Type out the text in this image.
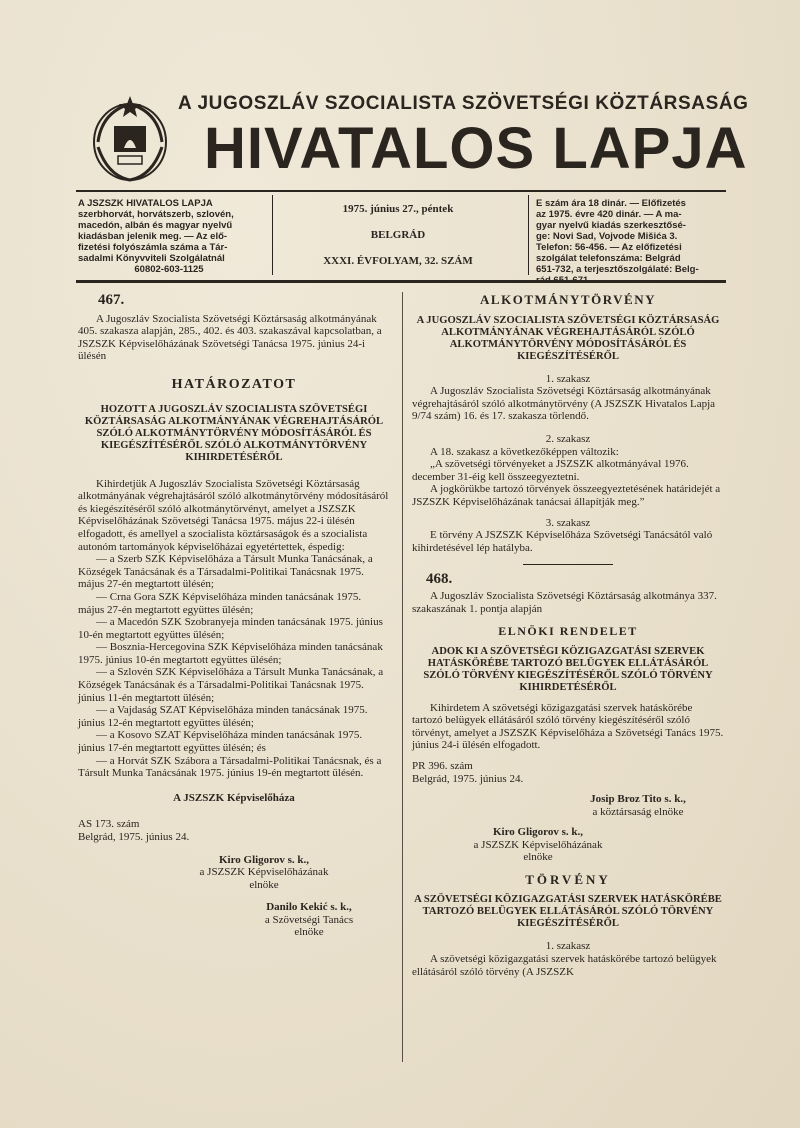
A JUGOSZLÁV SZOCIALISTA SZÖVETSÉGI KÖZTÁRSASÁG
HIVATALOS LAPJA
A JSZSZK HIVATALOS LAPJA
szerbhorvát, horvátszerb, szlovén,
macedón, albán és magyar nyelvű
kiadásban jelenik meg. — Az elő-
fizetési folyószámla száma a Tár-
sadalmi Könyvviteli Szolgálatnál
60802-603-1125
1975. június 27., péntek
BELGRÁD
XXXI. ÉVFOLYAM, 32. SZÁM
E szám ára 18 dinár. — Előfizetés
az 1975. évre 420 dinár. — A ma-
gyar nyelvű kiadás szerkesztősé-
ge: Novi Sad, Vojvode Mišića 3.
Telefon: 56-456. — Az előfizetési
szolgálat telefonszáma: Belgrád
651-732, a terjesztőszolgálaté: Belg-
467.

A Jugoszláv Szocialista Szövetségi Köztársaság alkotmányának 405. szakasza alapján, 285., 402. és 403. szakaszával kapcsolatban, a JSZSZK Képviselőházának Szövetségi Tanácsa 1975. június 24-i ülésén

HATÁROZATOT
HOZOTT A JUGOSZLÁV SZOCIALISTA SZÖVETSÉGI KÖZTÁRSASÁG ALKOTMÁNYÁNAK VÉGREHAJTÁSÁRÓL SZÓLÓ ALKOTMÁNYTÖRVÉNY MÓDOSÍTÁSÁRÓL ÉS KIEGÉSZÍTÉSÉRŐL SZÓLÓ ALKOTMÁNYTÖRVÉNY KIHIRDETÉSÉRŐL

Kihirdetjük A Jugoszláv Szocialista Szövetségi Köztársaság alkotmányának végrehajtásáról szóló alkotmánytörvény módosításáról és kiegészítéséről szóló alkotmánytörvényt, amelyet a JSZSZK Képviselőházának Szövetségi Tanácsa 1975. május 22-i ülésén elfogadott, és amellyel a szocialista köztársaságok és a szocialista autonóm tartományok képviselőházai egyetértettek, éspedig:

— a Szerb SZK Képviselőháza a Társult Munka Tanácsának, a Községek Tanácsának és a Társadalmi-Politikai Tanácsnak 1975. május 27-én megtartott ülésén;

— Crna Gora SZK Képviselőháza minden tanácsának 1975. május 27-én megtartott együttes ülésén;

— a Macedón SZK Szobranyeja minden tanácsának 1975. június 10-én megtartott együttes ülésén;

— Bosznia-Hercegovina SZK Képviselőháza minden tanácsának 1975. június 10-én megtartott együttes ülésén;

— a Szlovén SZK Képviselőháza a Társult Munka Tanácsának, a Községek Tanácsának és a Társadalmi-Politikai Tanácsnak 1975. június 11-én megtartott ülésén;

— a Vajdaság SZAT Képviselőháza minden tanácsának 1975. június 12-én megtartott együttes ülésén;

— a Kosovo SZAT Képviselőháza minden tanácsának 1975. június 17-én megtartott együttes ülésén; és

— a Horvát SZK Szábora a Társadalmi-Politikai Tanácsnak, és a Társult Munka Tanácsának 1975. június 19-én megtartott ülésén.

A JSZSZK Képviselőháza

AS 173. szám

Belgrád, 1975. június 24.

Kiro Gligorov s. k.,
a JSZSZK Képviselőházának
elnöke
Danilo Kekić s. k.,
a Szövetségi Tanács
elnöke
ALKOTMÁNYTÖRVÉNY
A JUGOSZLÁV SZOCIALISTA SZÖVETSÉGI KÖZTÁRSASÁG ALKOTMÁNYÁNAK VÉGREHAJTÁSÁRÓL SZÓLÓ ALKOTMÁNYTÖRVÉNY MÓDOSÍTÁSÁRÓL ÉS KIEGÉSZÍTÉSÉRŐL
1. szakasz

A Jugoszláv Szocialista Szövetségi Köztársaság alkotmányának végrehajtásáról szóló alkotmánytörvény (A JSZSZK Hivatalos Lapja 9/74 szám) 16. és 17. szakasza törlendő.

2. szakasz

A 18. szakasz a következőképpen változik:

„A szövetségi törvényeket a JSZSZK alkotmányával 1976. december 31-éig kell összeegyeztetni.

A jogkörükbe tartozó törvények összeegyeztetésének határidejét a JSZSZK Képviselőházának tanácsai állapítják meg.”

3. szakasz

E törvény A JSZSZK Képviselőháza Szövetségi Tanácsától való kihirdetésével lép hatályba.

468.

A Jugoszláv Szocialista Szövetségi Köztársaság alkotmánya 337. szakaszának 1. pontja alapján

ELNÖKI RENDELET
ADOK KI A SZÖVETSÉGI KÖZIGAZGATÁSI SZERVEK HATÁSKÖRÉBE TARTOZÓ BELÜGYEK ELLÁTÁSÁRÓL SZÓLÓ TÖRVÉNY KIEGÉSZÍTÉSÉRŐL SZÓLÓ TÖRVÉNY KIHIRDETÉSÉRŐL

Kihirdetem A szövetségi közigazgatási szervek hatáskörébe tartozó belügyek ellátásáról szóló törvény kiegészítéséről szóló törvényt, amelyet a JSZSZK Képviselőháza a Szövetségi Tanács 1975. június 24-i ülésén elfogadott.

PR 396. szám

Belgrád, 1975. június 24.

Josip Broz Tito s. k.,
a köztársaság elnöke
Kiro Gligorov s. k.,
a JSZSZK Képviselőházának
elnöke
TÖRVÉNY
A SZÖVETSÉGI KÖZIGAZGATÁSI SZERVEK HATÁSKÖRÉBE TARTOZÓ BELÜGYEK ELLÁTÁSÁRÓL SZÓLÓ TÖRVÉNY KIEGÉSZÍTÉSÉRŐL
1. szakasz

A szövetségi közigazgatási szervek hatáskörébe tartozó belügyek ellátásáról szóló törvény (A JSZSZK
